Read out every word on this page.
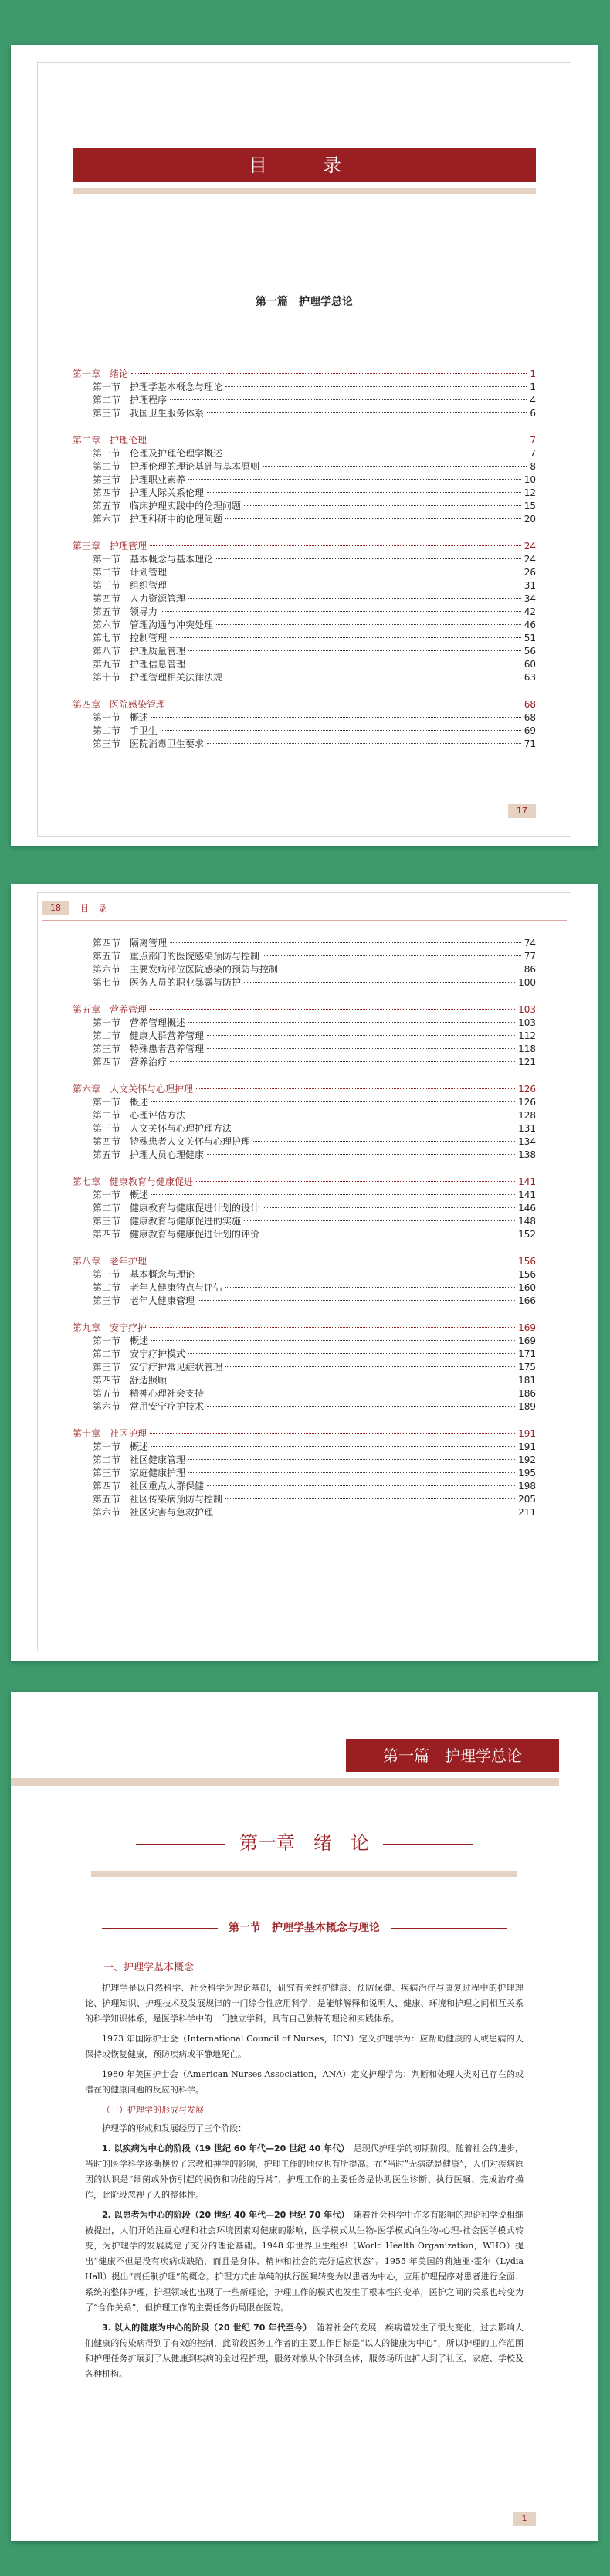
目　录
第一篇　护理学总论
第一章 绪论	1
第一节 护理学基本概念与理论	1
第二节 护理程序	4
第三节 我国卫生服务体系	6
第二章 护理伦理	7
第一节 伦理及护理伦理学概述	7
第二节 护理伦理的理论基础与基本原则	8
第三节 护理职业素养	10
第四节 护理人际关系伦理	12
第五节 临床护理实践中的伦理问题	15
第六节 护理科研中的伦理问题	20
第三章 护理管理	24
第一节 基本概念与基本理论	24
第二节 计划管理	26
第三节 组织管理	31
第四节 人力资源管理	34
第五节 领导力	42
第六节 管理沟通与冲突处理	46
第七节 控制管理	51
第八节 护理质量管理	56
第九节 护理信息管理	60
第十节 护理管理相关法律法规	63
第四章 医院感染管理	68
第一节 概述	68
第二节 手卫生	69
第三节 医院消毒卫生要求	71
17
18	目录
第四节 隔离管理	74
第五节 重点部门的医院感染预防与控制	77
第六节 主要发病部位医院感染的预防与控制	86
第七节 医务人员的职业暴露与防护	100
第五章 营养管理	103
第一节 营养管理概述	103
第二节 健康人群营养管理	112
第三节 特殊患者营养管理	118
第四节 营养治疗	121
第六章 人文关怀与心理护理	126
第一节 概述	126
第二节 心理评估方法	128
第三节 人文关怀与心理护理方法	131
第四节 特殊患者人文关怀与心理护理	134
第五节 护理人员心理健康	138
第七章 健康教育与健康促进	141
第一节 概述	141
第二节 健康教育与健康促进计划的设计	146
第三节 健康教育与健康促进的实施	148
第四节 健康教育与健康促进计划的评价	152
第八章 老年护理	156
第一节 基本概念与理论	156
第二节 老年人健康特点与评估	160
第三节 老年人健康管理	166
第九章 安宁疗护	169
第一节 概述	169
第二节 安宁疗护模式	171
第三节 安宁疗护常见症状管理	175
第四节 舒适照顾	181
第五节 精神心理社会支持	186
第六节 常用安宁疗护技术	189
第十章 社区护理	191
第一节 概述	191
第二节 社区健康管理	192
第三节 家庭健康护理	195
第四节 社区重点人群保健	198
第五节 社区传染病预防与控制	205
第六节 社区灾害与急救护理	211
第一篇　护理学总论
第一章　绪　论
第一节　护理学基本概念与理论
一、护理学基本概念

护理学是以自然科学、社会科学为理论基础，研究有关维护健康、预防保健、疾病治疗与康复过程中的护理理论、护理知识、护理技术及发展规律的一门综合性应用科学，是能够解释和说明人、健康、环境和护理之间相互关系的科学知识体系，是医学科学中的一门独立学科，具有自己独特的理论和实践体系。

1973 年国际护士会（International Council of Nurses，ICN）定义护理学为：应帮助健康的人或患病的人保持或恢复健康，预防疾病或平静地死亡。

1980 年美国护士会（American Nurses Association，ANA）定义护理学为：判断和处理人类对已存在的或潜在的健康问题的反应的科学。

（一）护理学的形成与发展

护理学的形成和发展经历了三个阶段：

1. 以疾病为中心的阶段（19 世纪 60 年代—20 世纪 40 年代）　是现代护理学的初期阶段。随着社会的进步，当时的医学科学逐渐摆脱了宗教和神学的影响，护理工作的地位也有所提高。在“当时”无病就是健康”，人们对疾病原因的认识是“细菌或外伤引起的损伤和功能的异常”，护理工作的主要任务是协助医生诊断、执行医嘱、完成治疗操作，此阶段忽视了人的整体性。

2. 以患者为中心的阶段（20 世纪 40 年代—20 世纪 70 年代）　随着社会科学中许多有影响的理论和学说相继被提出，人们开始注重心理和社会环境因素对健康的影响，医学模式从生物-医学模式向生物-心理-社会医学模式转变，为护理学的发展奠定了充分的理论基础。1948 年世界卫生组织（World Health Organization，WHO）提出“健康不但是没有疾病或缺陷，而且是身体、精神和社会的完好适应状态”。1955 年美国的莉迪亚·霍尔（Lydia Hall）提出“责任制护理”的概念。护理方式由单纯的执行医嘱转变为以患者为中心，应用护理程序对患者进行全面、系统的整体护理，护理领域也出现了一些新理论，护理工作的模式也发生了根本性的变革，医护之间的关系也转变为了“合作关系”，但护理工作的主要任务仍局限在医院。

3. 以人的健康为中心的阶段（20 世纪 70 年代至今）　随着社会的发展，疾病谱发生了很大变化，过去影响人们健康的传染病得到了有效的控制，此阶段医务工作者的主要工作目标是“以人的健康为中心”，所以护理的工作范围和护理任务扩展到了从健康到疾病的全过程护理，服务对象从个体到全体，服务场所也扩大到了社区、家庭、学校及各种机构。

1
